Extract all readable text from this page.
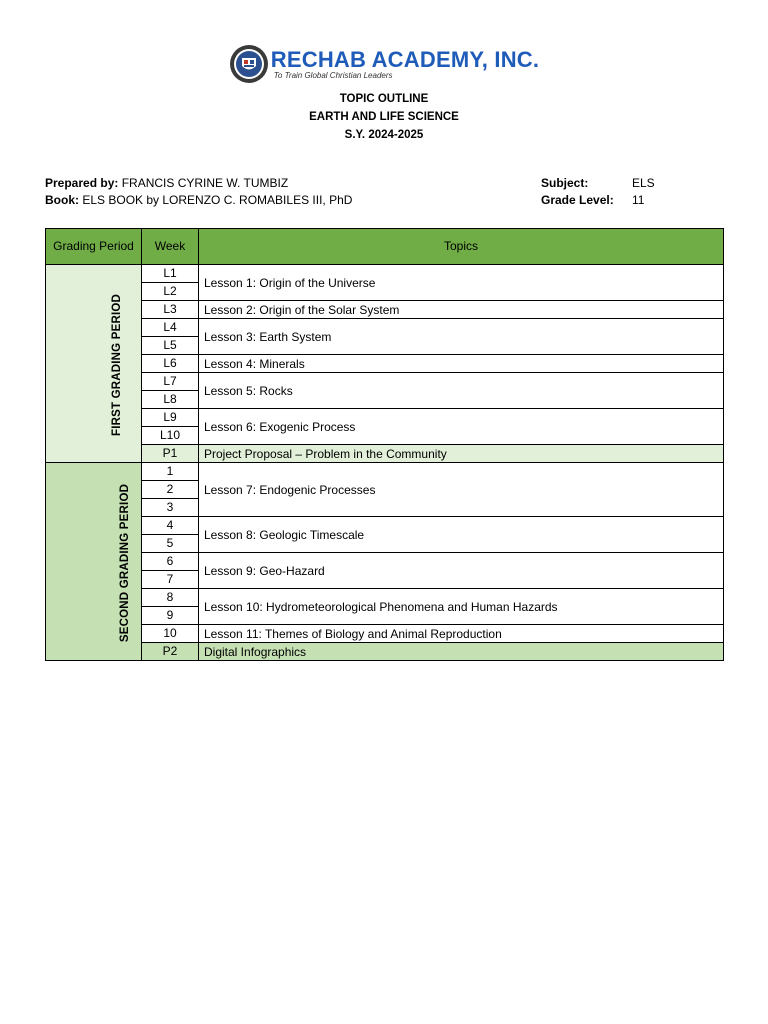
RECHAB ACADEMY, INC.
To Train Global Christian Leaders
TOPIC OUTLINE
EARTH AND LIFE SCIENCE
S.Y. 2024-2025
Prepared by: FRANCIS CYRINE W. TUMBIZ
Book: ELS BOOK by LORENZO C. ROMABILES III, PhD
Subject:	ELS
Grade Level: 11
Grading Period	Week	Topics
FIRST GRADING PERIOD	L1	Lesson 1: Origin of the Universe
	L2	
	L3	Lesson 2: Origin of the Solar System
	L4	Lesson 3: Earth System
	L5	
	L6	Lesson 4: Minerals
	L7	Lesson 5: Rocks
	L8	
	L9	Lesson 6: Exogenic Process
	L10	
	P1	Project Proposal – Problem in the Community
SECOND GRADING PERIOD	1	Lesson 7: Endogenic Processes
	2	
	3	
	4	Lesson 8: Geologic Timescale
	5	
	6	Lesson 9: Geo-Hazard
	7	
	8	Lesson 10: Hydrometeorological Phenomena and Human Hazards
	9	
	10	Lesson 11: Themes of Biology and Animal Reproduction
	P2	Digital Infographics
